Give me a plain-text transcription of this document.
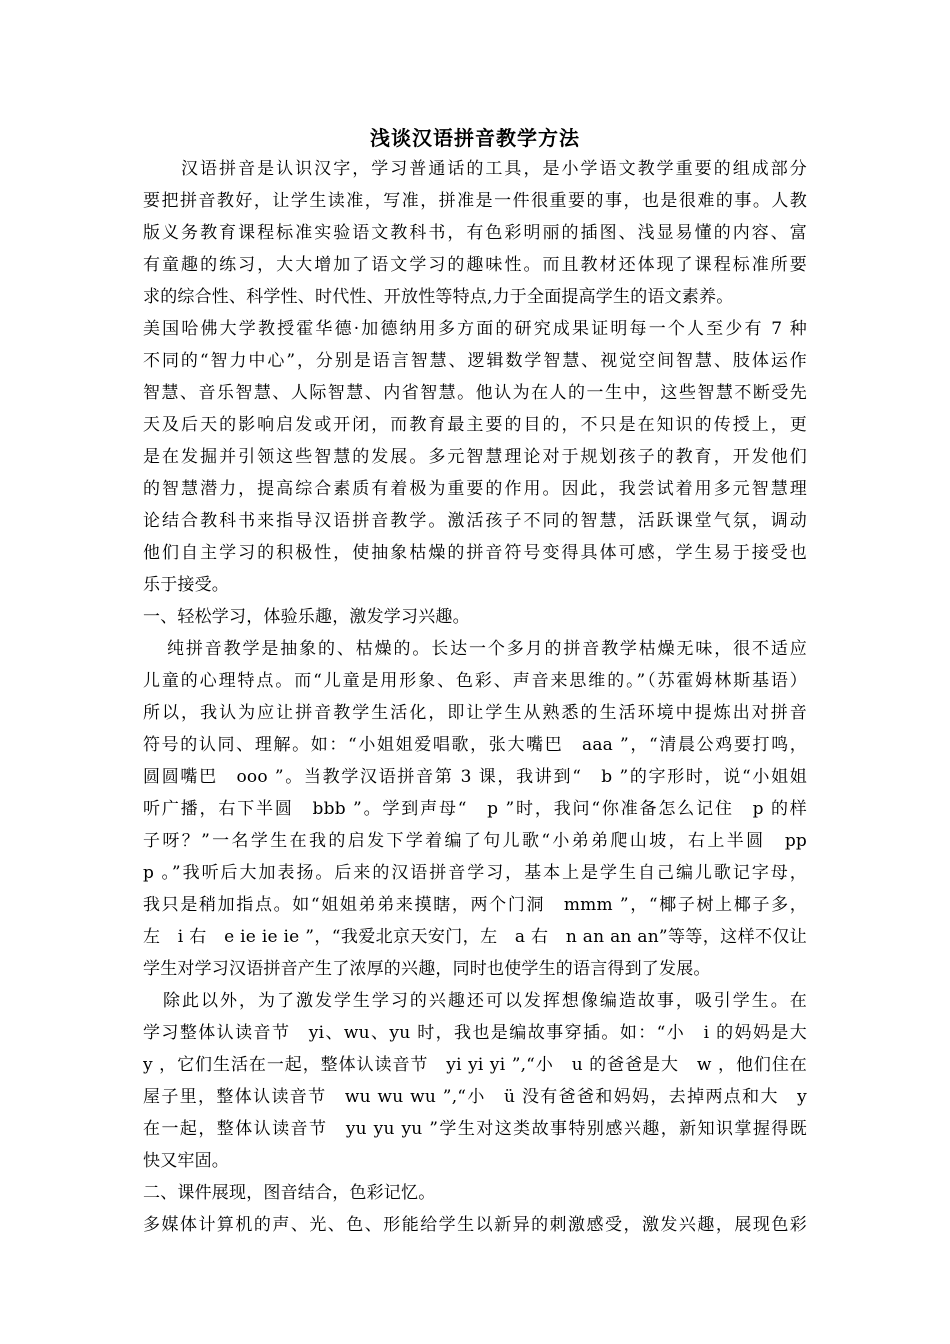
浅谈汉语拼音教学方法
汉语拼音是认识汉字，学习普通话的工具，是小学语文教学重要的组成部分
要把拼音教好，让学生读准，写准，拼准是一件很重要的事，也是很难的事。人教
版义务教育课程标准实验语文教科书，有色彩明丽的插图、浅显易懂的内容、富
有童趣的练习，大大增加了语文学习的趣味性。而且教材还体现了课程标准所要
求的综合性、科学性、时代性、开放性等特点,力于全面提高学生的语文素养。
美国哈佛大学教授霍华德·加德纳用多方面的研究成果证明每一个人至少有 7 种
不同的“智力中心”，分别是语言智慧、逻辑数学智慧、视觉空间智慧、肢体运作
智慧、音乐智慧、人际智慧、内省智慧。他认为在人的一生中，这些智慧不断受先
天及后天的影响启发或开闭，而教育最主要的目的，不只是在知识的传授上，更
是在发掘并引领这些智慧的发展。多元智慧理论对于规划孩子的教育，开发他们
的智慧潜力，提高综合素质有着极为重要的作用。因此，我尝试着用多元智慧理
论结合教科书来指导汉语拼音教学。激活孩子不同的智慧，活跃课堂气氛，调动
他们自主学习的积极性，使抽象枯燥的拼音符号变得具体可感，学生易于接受也
乐于接受。
一、轻松学习，体验乐趣，激发学习兴趣。
纯拼音教学是抽象的、枯燥的。长达一个多月的拼音教学枯燥无味，很不适应
儿童的心理特点。而“儿童是用形象、色彩、声音来思维的。”（苏霍姆林斯基语）
所以，我认为应让拼音教学生活化，即让学生从熟悉的生活环境中提炼出对拼音
符号的认同、理解。如：“小姐姐爱唱歌，张大嘴巴　aaa ”，“清晨公鸡要打鸣，
圆圆嘴巴　ooo ”。当教学汉语拼音第 3 课，我讲到“　b ”的字形时，说“小姐姐
听广播，右下半圆　bbb ”。学到声母“　p ”时，我问“你准备怎么记住　p 的样
子呀？”一名学生在我的启发下学着编了句儿歌“小弟弟爬山坡，右上半圆　pp
p 。”我听后大加表扬。后来的汉语拼音学习，基本上是学生自己编儿歌记字母，
我只是稍加指点。如“姐姐弟弟来摸瞎，两个门洞　mmm ”，“椰子树上椰子多，
左　i 右　e ie ie ie ”，“我爱北京天安门，左　a 右　n an an an”等等，这样不仅让
学生对学习汉语拼音产生了浓厚的兴趣，同时也使学生的语言得到了发展。
除此以外，为了激发学生学习的兴趣还可以发挥想像编造故事，吸引学生。在
学习整体认读音节　yi、wu、yu 时，我也是编故事穿插。如：“小　i 的妈妈是大
y ，它们生活在一起，整体认读音节　yi yi yi ”,“小　u 的爸爸是大　w ，他们住在
屋子里，整体认读音节　wu wu wu ”,“小　ü 没有爸爸和妈妈，去掉两点和大　y
在一起，整体认读音节　yu yu yu ”学生对这类故事特别感兴趣，新知识掌握得既
快又牢固。
二、课件展现，图音结合，色彩记忆。
多媒体计算机的声、光、色、形能给学生以新异的刺激感受，激发兴趣，展现色彩
